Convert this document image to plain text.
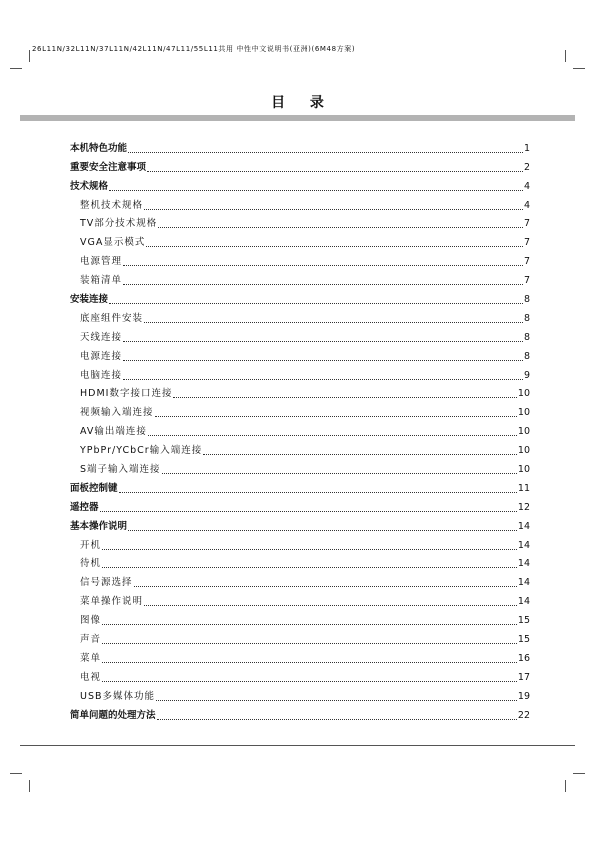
26L11N/32L11N/37L11N/42L11N/47L11/55L11共用 中性中文说明书(亚洲)(6M48方案)
目 录
本机特色功能	1
重要安全注意事项	2
技术规格	4
整机技术规格	4
TV部分技术规格	7
VGA显示模式	7
电源管理	7
装箱清单	7
安装连接	8
底座组件安装	8
天线连接	8
电源连接	8
电脑连接	9
HDMI数字接口连接	10
视频输入端连接	10
AV输出端连接	10
YPbPr/YCbCr输入端连接	10
S端子输入端连接	10
面板控制键	11
遥控器	12
基本操作说明	14
开机	14
待机	14
信号源选择	14
菜单操作说明	14
图像	15
声音	15
菜单	16
电视	17
USB多媒体功能	19
简单问题的处理方法	22
